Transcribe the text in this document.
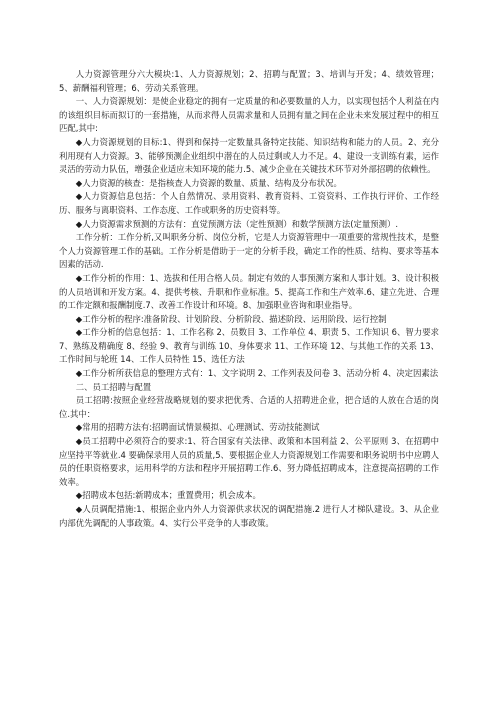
人力资源管理分六大模块:1、人力资源规划；2、招聘与配置；3、培训与开发；4、绩效管理；5、薪酬福利管理；6、劳动关系管理。

一、人力资源规划：是使企业稳定的拥有一定质量的和必要数量的人力，以实现包括个人利益在内的该组织目标而拟订的一套措施，从而求得人员需求量和人员拥有量之间在企业未来发展过程中的相互匹配,其中:

◆人力资源规划的目标:1、得到和保持一定数量具备特定技能、知识结构和能力的人员。2、充分利用现有人力资源。3、能够预测企业组织中潜在的人员过剩或人力不足。4、建设一支训练有素，运作灵活的劳动力队伍，增强企业适应未知环境的能力.5、减少企业在关键技术环节对外部招聘的依赖性。

◆人力资源的核查：是指核查人力资源的数量、质量、结构及分布状况。

◆人力资源信息包括：个人自然情况、录用资料、教育资料、工资资料、工作执行评价、工作经历、服务与离职资料、工作态度、工作或职务的历史资料等。

◆人力资源需求预测的方法有：直觉预测方法（定性预测）和数学预测方法(定量预测）.

工作分析：工作分析,又叫职务分析、岗位分析，它是人力资源管理中一项重要的常规性技术，是整个人力资源管理工作的基础。工作分析是借助于一定的分析手段，确定工作的性质、结构、要求等基本因素的活动.

◆工作分析的作用：1、选拔和任用合格人员。制定有效的人事预测方案和人事计划。3、设计积极的人员培训和开发方案。4、提供考核、升职和作业标准。5、提高工作和生产效率.6、建立先进、合理的工作定额和报酬制度.7、改善工作设计和环境。8、加强职业咨询和职业指导。

◆工作分析的程序:准备阶段、计划阶段、分析阶段、描述阶段、运用阶段、运行控制

◆工作分析的信息包括：1、工作名称 2、员数目 3、工作单位 4、职责 5、工作知识 6、智力要求 7、熟练及精确度 8、经验 9、教育与训练 10、身体要求 11、工作环境 12、与其他工作的关系 13、工作时间与轮班 14、工作人员特性 15、选任方法

◆工作分析所获信息的整理方式有：1、文字说明 2、工作列表及问卷 3、活动分析 4、决定因素法

二、员工招聘与配置

员工招聘:按照企业经营战略规划的要求把优秀、合适的人招聘进企业，把合适的人放在合适的岗位.其中：

◆常用的招聘方法有:招聘面试情景模拟、心理测试、劳动技能测试

◆员工招聘中必须符合的要求:1、符合国家有关法律、政策和本国利益 2、公平原则 3、在招聘中应坚持平等就业.4 要确保录用人员的质量,5、要根据企业人力资源规划工作需要和职务说明书中应聘人员的任职资格要求，运用科学的方法和程序开展招聘工作.6、努力降低招聘成本，注意提高招聘的工作效率。

◆招聘成本包括:新聘成本；重置费用；机会成本。

◆人员调配措施:1、根据企业内外人力资源供求状况的调配措施.2 进行人才梯队建设。3、从企业内部优先调配的人事政策。4、实行公平竞争的人事政策。
